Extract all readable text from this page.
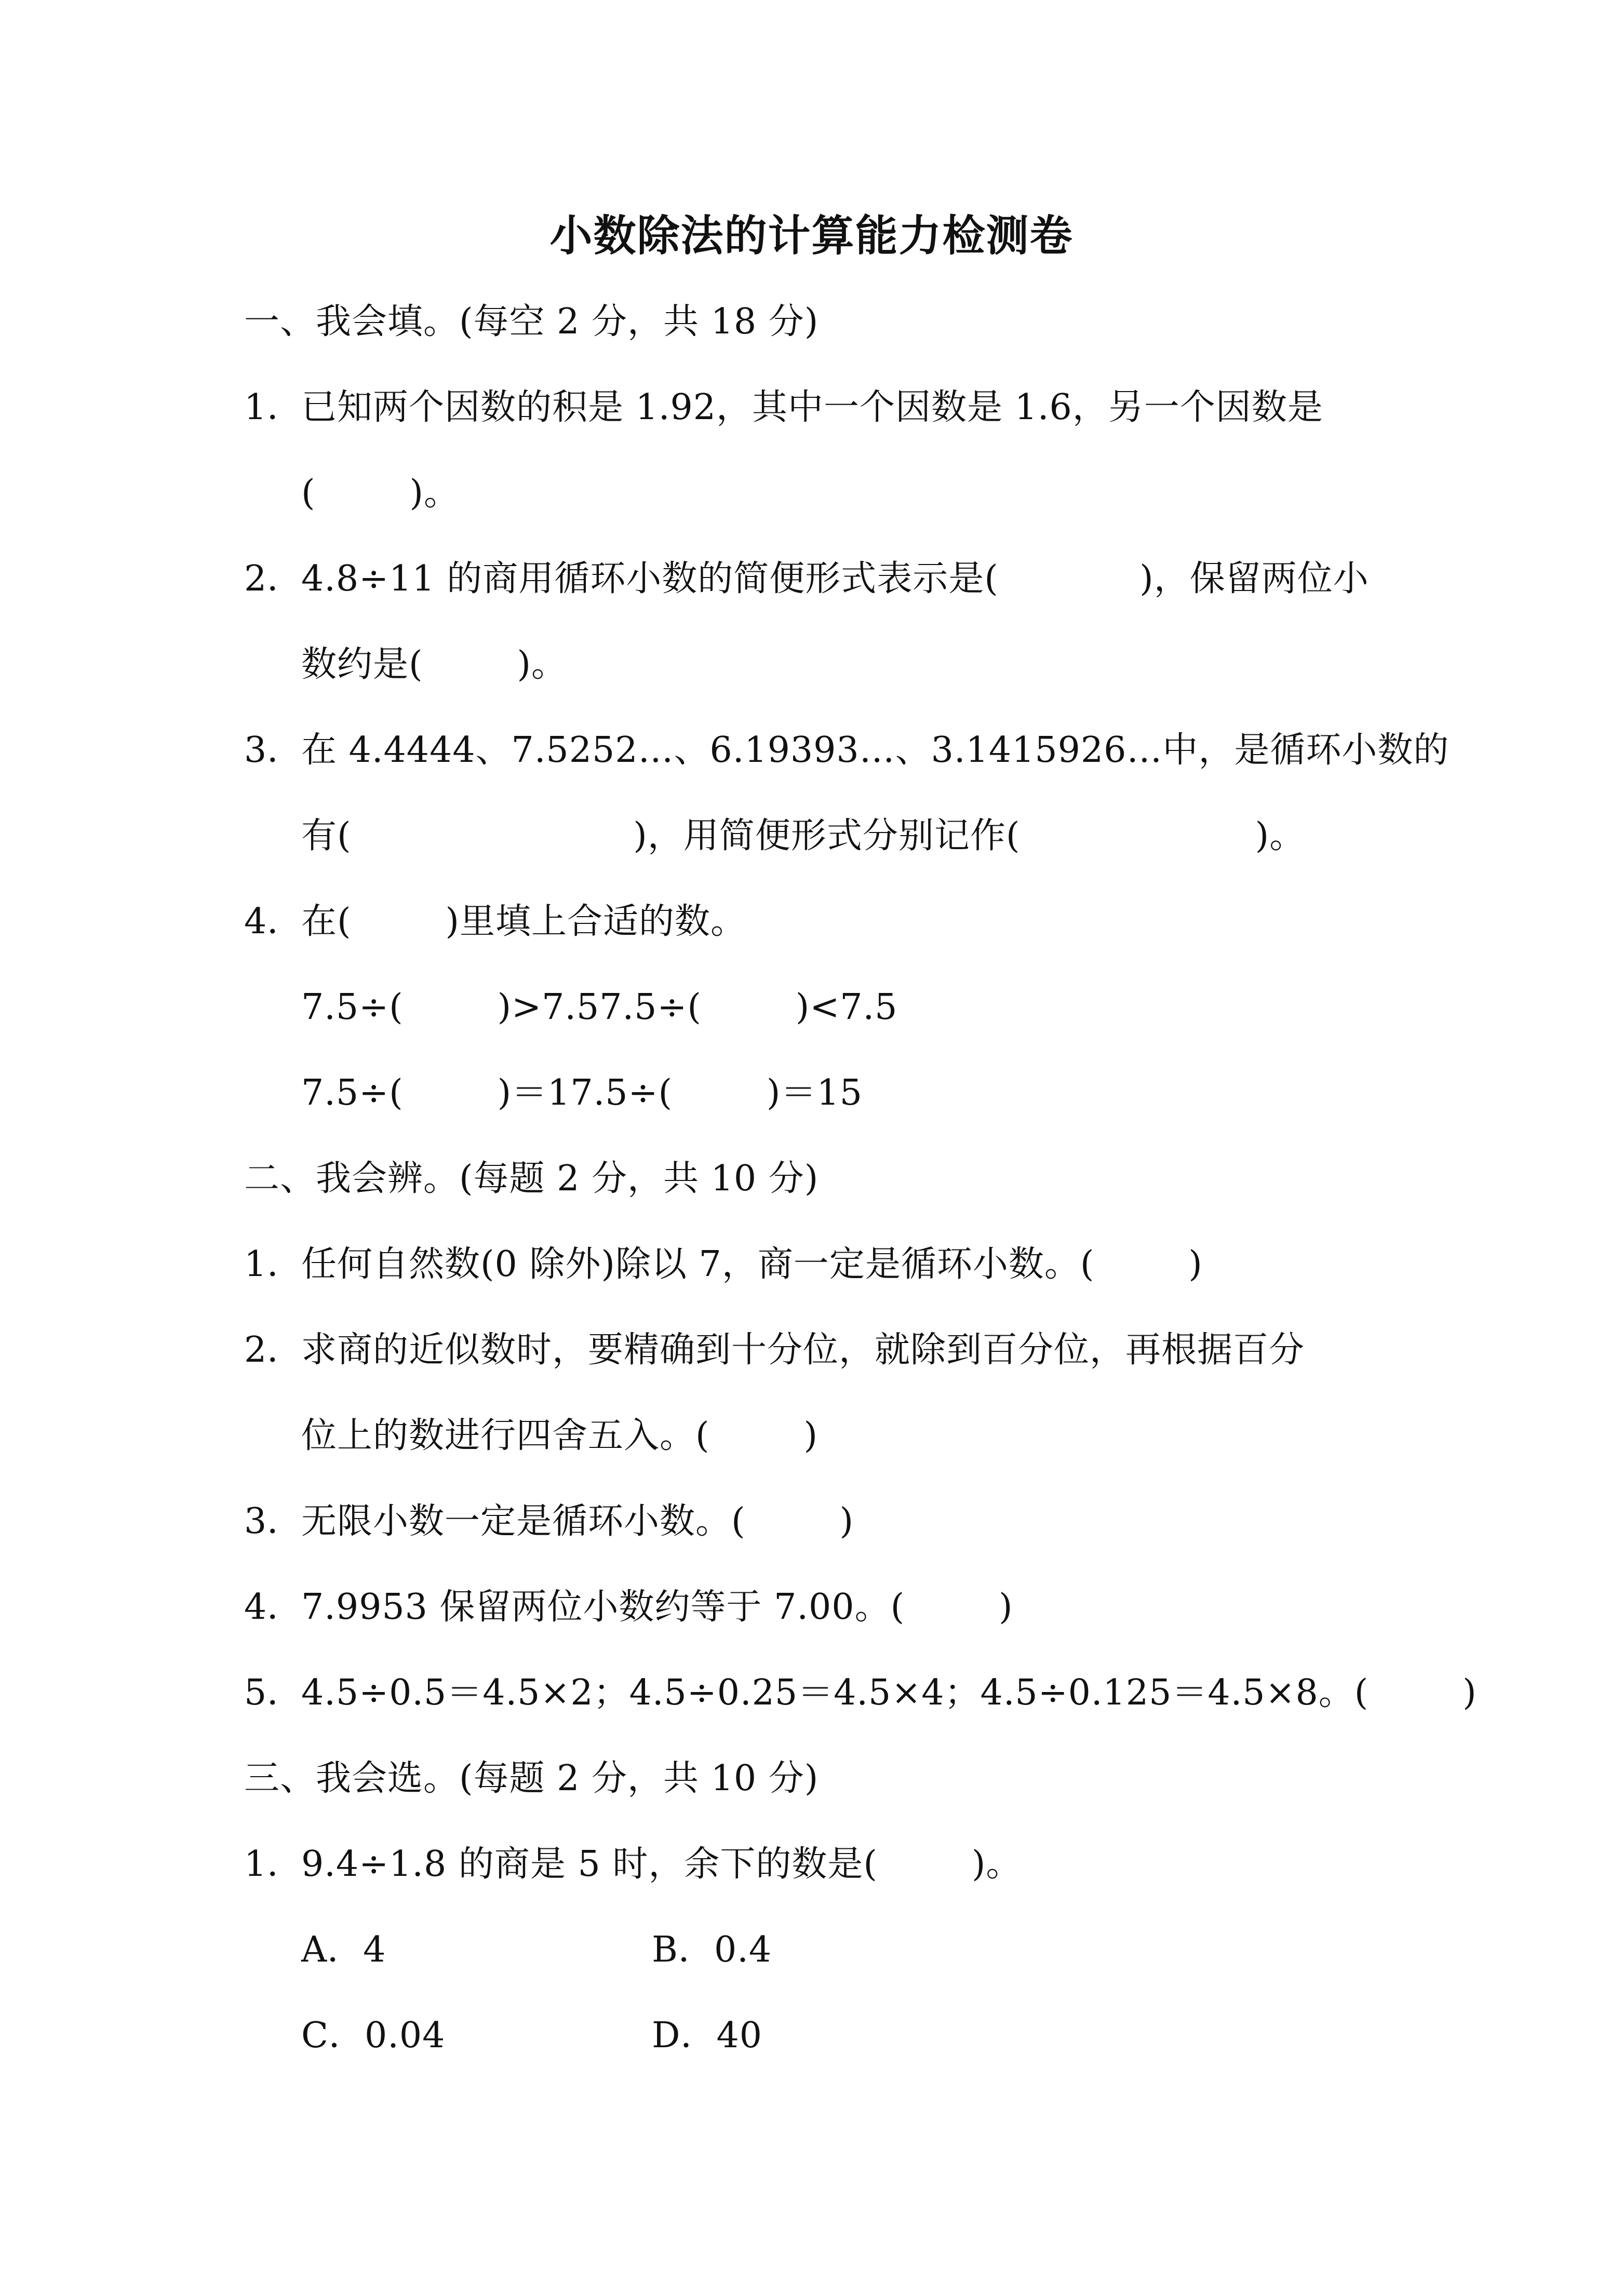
小数除法的计算能力检测卷
一、我会填。(每空 2 分，共 18 分)
1．
已知两个因数的积是 1.92，其中一个因数是 1.6，另一个因数是
(        )。
2．
4.8÷11 的商用循环小数的简便形式表示是(            )，保留两位小
数约是(        )。
3．
在 4.4444、7.5252…、6.19393…、3.1415926…中，是循环小数的
有(                        )，用简便形式分别记作(                    )。
4．
在(        )里填上合适的数。
7.5÷(        )>7.57.5÷(        )<7.5
7.5÷(        )＝17.5÷(        )＝15
二、我会辨。(每题 2 分，共 10 分)
1．
任何自然数(0 除外)除以 7，商一定是循环小数。(        )
2．
求商的近似数时，要精确到十分位，就除到百分位，再根据百分
位上的数进行四舍五入。(        )
3．
无限小数一定是循环小数。(        )
4．
7.9953 保留两位小数约等于 7.00。(        )
5．
4.5÷0.5＝4.5×2；4.5÷0.25＝4.5×4；4.5÷0.125＝4.5×8。(        )
三、我会选。(每题 2 分，共 10 分)
1．
9.4÷1.8 的商是 5 时，余下的数是(        )。
A．4	B．0.4
C．0.04	D．40
